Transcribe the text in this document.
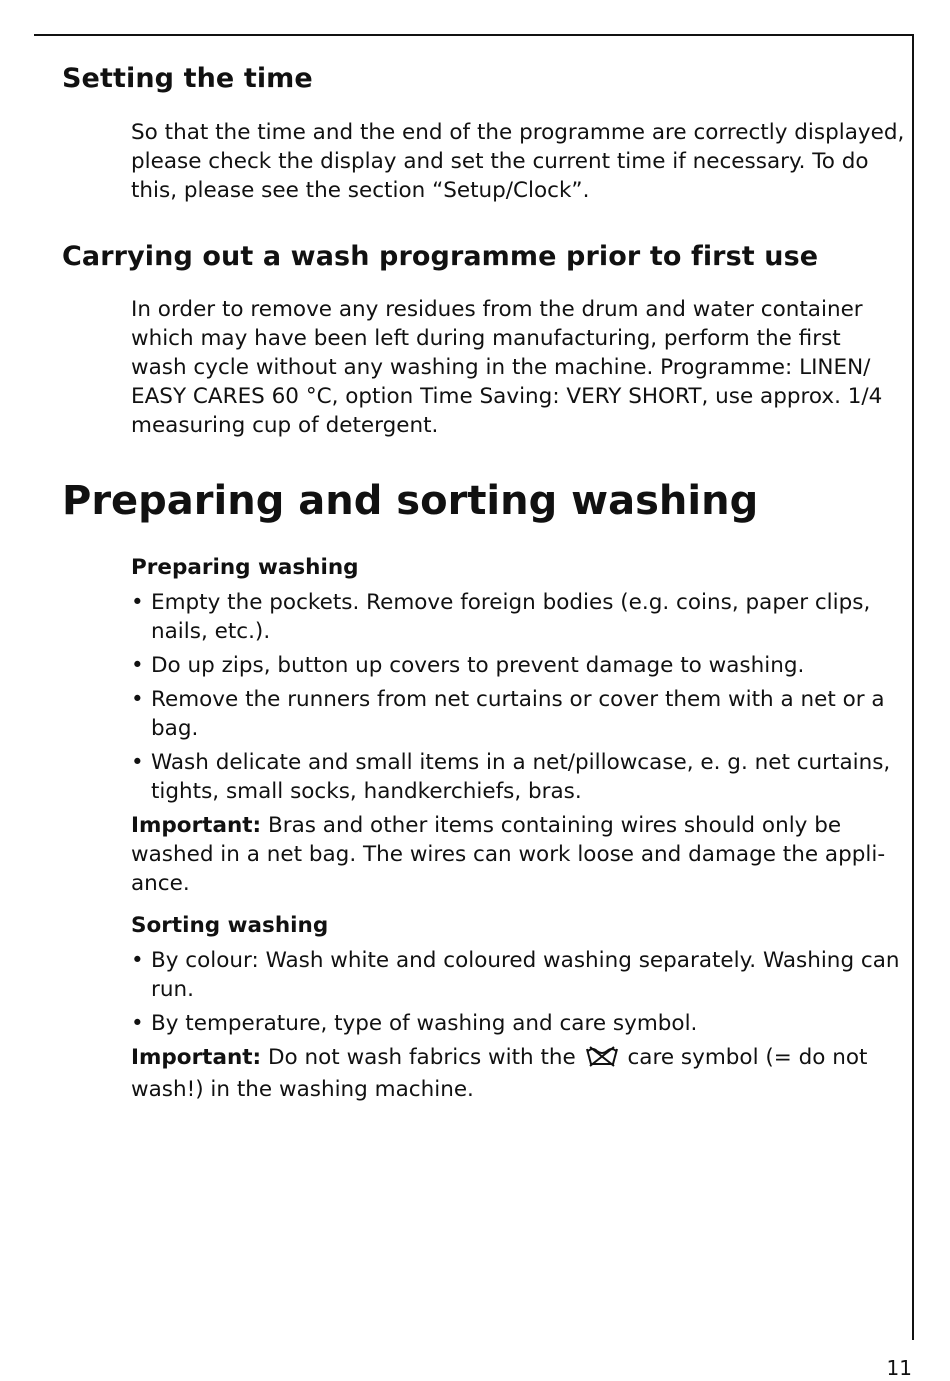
Setting the time

So that the time and the end of the programme are correctly displayed,
please check the display and set the current time if necessary. To do
this, please see the section “Setup/Clock”.

Carrying out a wash programme prior to first use

In order to remove any residues from the drum and water container
which may have been left during manufacturing, perform the first
wash cycle without any washing in the machine. Programme: LINEN/
EASY CARES 60 °C, option Time Saving: VERY SHORT, use approx. 1/4
measuring cup of detergent.

Preparing and sorting washing
Preparing washing
• Empty the pockets. Remove foreign bodies (e.g. coins, paper clips,
nails, etc.).
• Do up zips, button up covers to prevent damage to washing.
• Remove the runners from net curtains or cover them with a net or a
bag.
• Wash delicate and small items in a net/pillowcase, e. g. net curtains,
tights, small socks, handkerchiefs, bras.

Important: Bras and other items containing wires should only be
washed in a net bag. The wires can work loose and damage the appli-
ance.

Sorting washing
• By colour: Wash white and coloured washing separately. Washing can
run.
• By temperature, type of washing and care symbol.

Important: Do not wash fabrics with the care symbol (= do not
wash!) in the washing machine.

11
